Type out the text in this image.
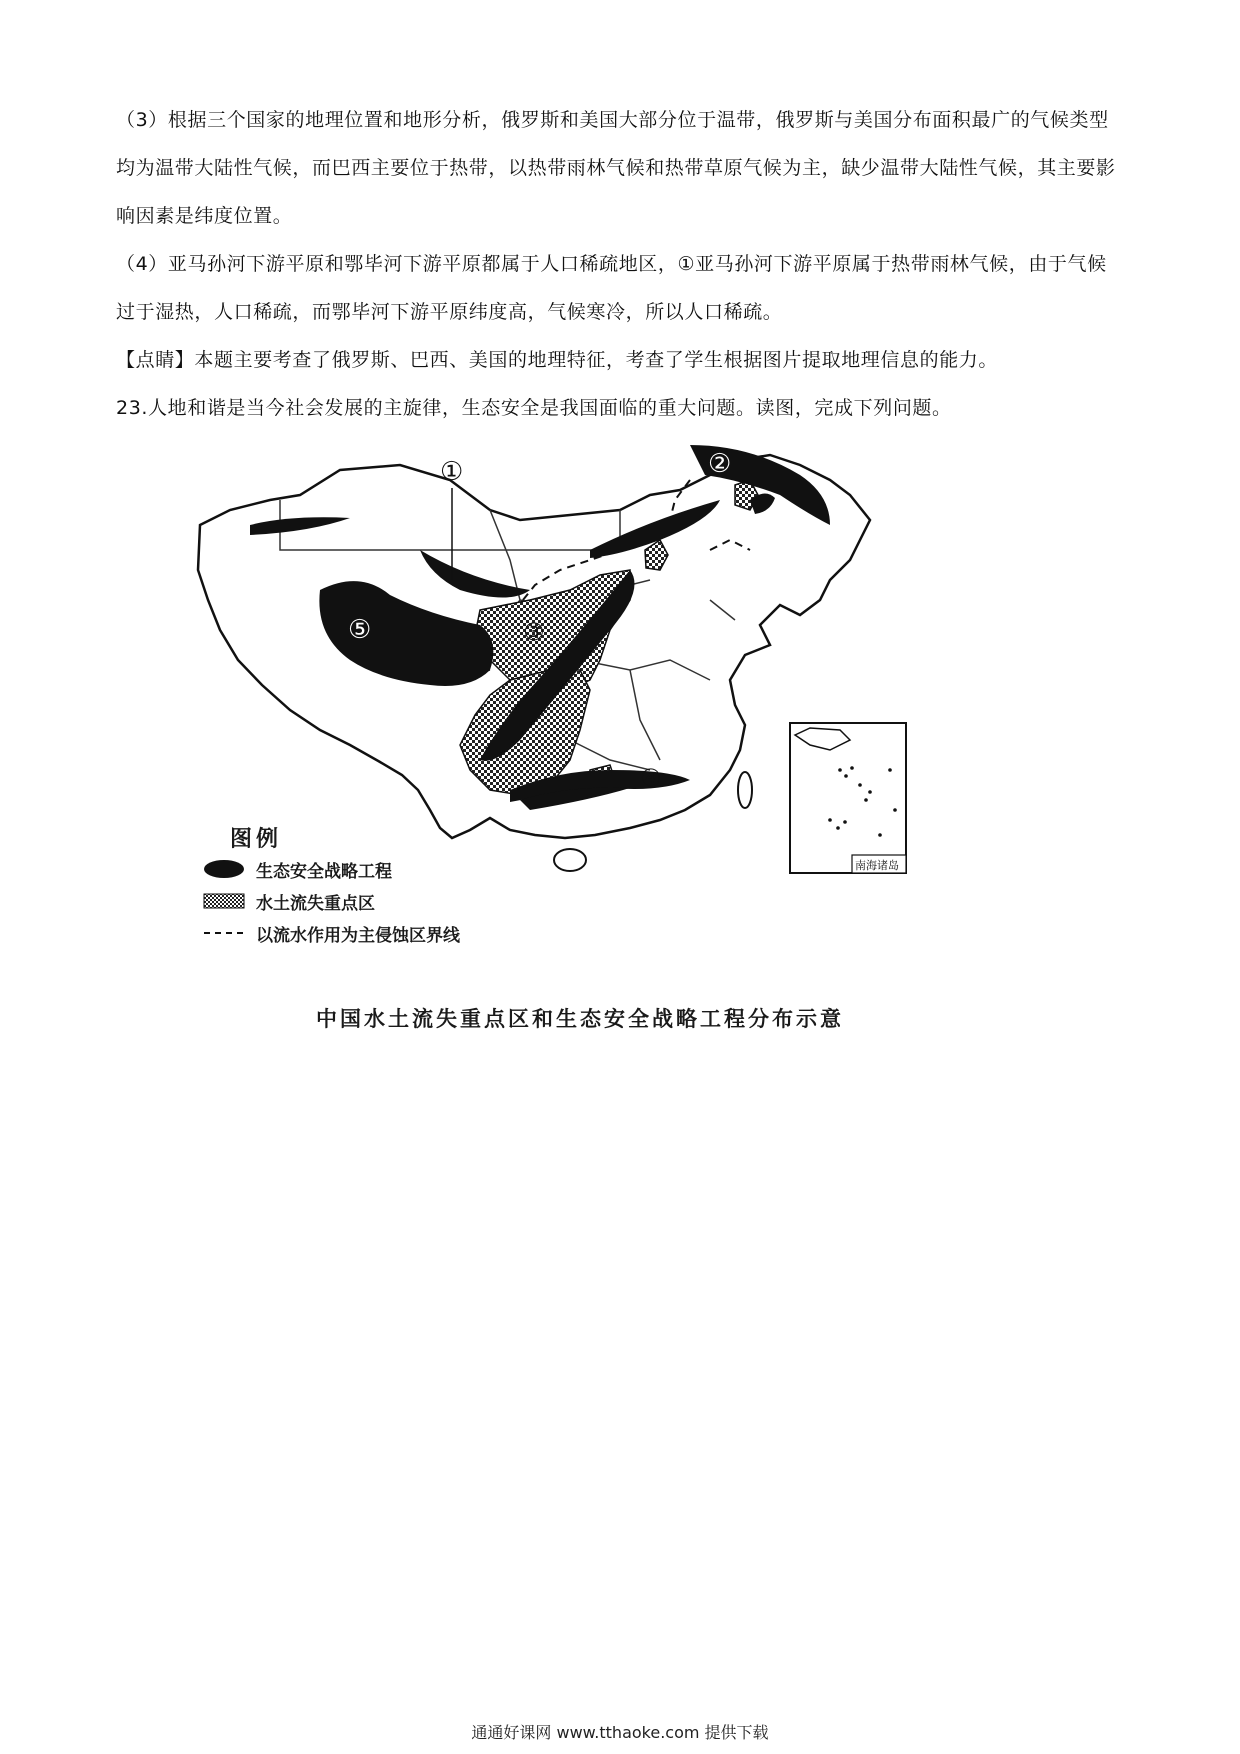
（3）根据三个国家的地理位置和地形分析，俄罗斯和美国大部分位于温带，俄罗斯与美国分布面积最广的气候类型均为温带大陆性气候，而巴西主要位于热带，以热带雨林气候和热带草原气候为主，缺少温带大陆性气候，其主要影响因素是纬度位置。
（4）亚马孙河下游平原和鄂毕河下游平原都属于人口稀疏地区，①亚马孙河下游平原属于热带雨林气候，由于气候过于湿热，人口稀疏，而鄂毕河下游平原纬度高，气候寒冷，所以人口稀疏。
【点睛】本题主要考查了俄罗斯、巴西、美国的地理特征，考查了学生根据图片提取地理信息的能力。
23.人地和谐是当今社会发展的主旋律，生态安全是我国面临的重大问题。读图，完成下列问题。
①	②
③
④
⑤
南海诸岛
图例
生态安全战略工程
水土流失重点区
以流水作用为主侵蚀区界线
中国水土流失重点区和生态安全战略工程分布示意
通通好课网 www.tthaoke.com 提供下载
